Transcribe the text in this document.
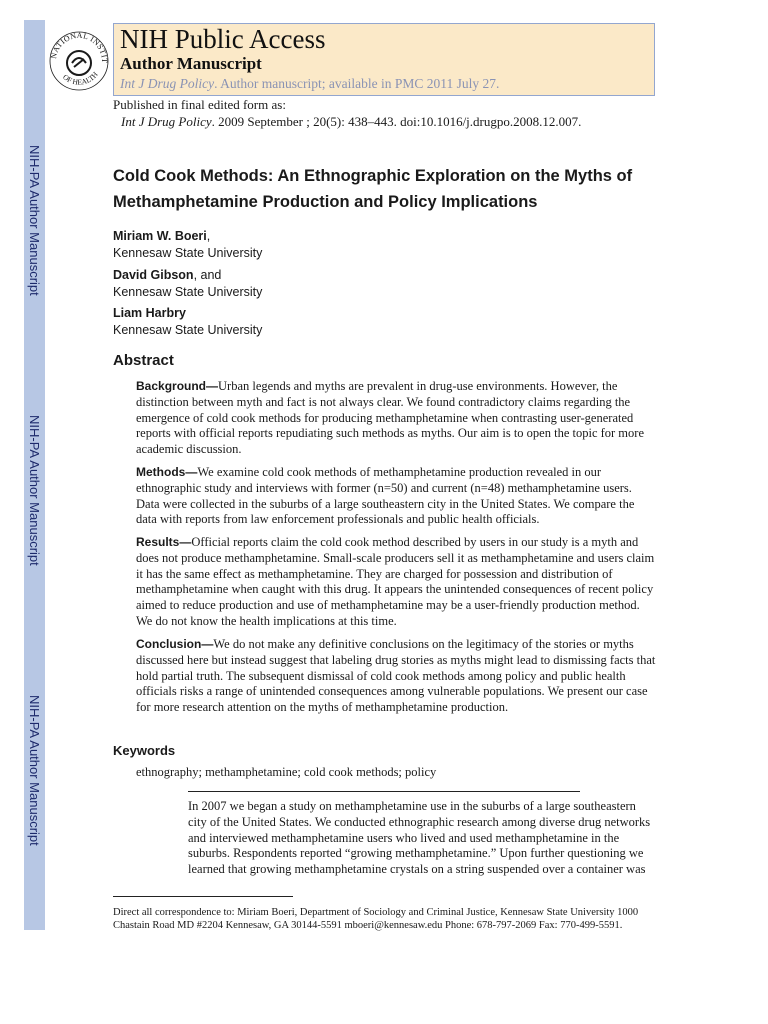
NIH-PA Author Manuscript
NIH-PA Author Manuscript
NIH-PA Author Manuscript
NATIONAL INSTIT
OF HEALTH
NIH Public Access
Author Manuscript
Int J Drug Policy. Author manuscript; available in PMC 2011 July 27.
Published in final edited form as:
Int J Drug Policy. 2009 September ; 20(5): 438–443. doi:10.1016/j.drugpo.2008.12.007.
Cold Cook Methods: An Ethnographic Exploration on the Myths of Methamphetamine Production and Policy Implications
Miriam W. Boeri,
Kennesaw State University
David Gibson, and
Kennesaw State University
Liam Harbry
Kennesaw State University
Abstract
Background—Urban legends and myths are prevalent in drug-use environments. However, the distinction between myth and fact is not always clear. We found contradictory claims regarding the emergence of cold cook methods for producing methamphetamine when contrasting user-generated reports with official reports repudiating such methods as myths. Our aim is to open the topic for more academic discussion.
Methods—We examine cold cook methods of methamphetamine production revealed in our ethnographic study and interviews with former (n=50) and current (n=48) methamphetamine users. Data were collected in the suburbs of a large southeastern city in the United States. We compare the data with reports from law enforcement professionals and public health officials.
Results—Official reports claim the cold cook method described by users in our study is a myth and does not produce methamphetamine. Small-scale producers sell it as methamphetamine and users claim it has the same effect as methamphetamine. They are charged for possession and distribution of methamphetamine when caught with this drug. It appears the unintended consequences of recent policy aimed to reduce production and use of methamphetamine may be a user-friendly production method. We do not know the health implications at this time.
Conclusion—We do not make any definitive conclusions on the legitimacy of the stories or myths discussed here but instead suggest that labeling drug stories as myths might lead to dismissing facts that hold partial truth. The subsequent dismissal of cold cook methods among policy and public health officials risks a range of unintended consequences among vulnerable populations. We present our case for more research attention on the myths of methamphetamine production.
Keywords
ethnography; methamphetamine; cold cook methods; policy
In 2007 we began a study on methamphetamine use in the suburbs of a large southeastern city of the United States. We conducted ethnographic research among diverse drug networks and interviewed methamphetamine users who lived and used methamphetamine in the suburbs. Respondents reported “growing methamphetamine.” Upon further questioning we learned that growing methamphetamine crystals on a string suspended over a container was
Direct all correspondence to: Miriam Boeri, Department of Sociology and Criminal Justice, Kennesaw State University 1000 Chastain Road MD #2204 Kennesaw, GA 30144-5591 mboeri@kennesaw.edu Phone: 678-797-2069 Fax: 770-499-5591.
